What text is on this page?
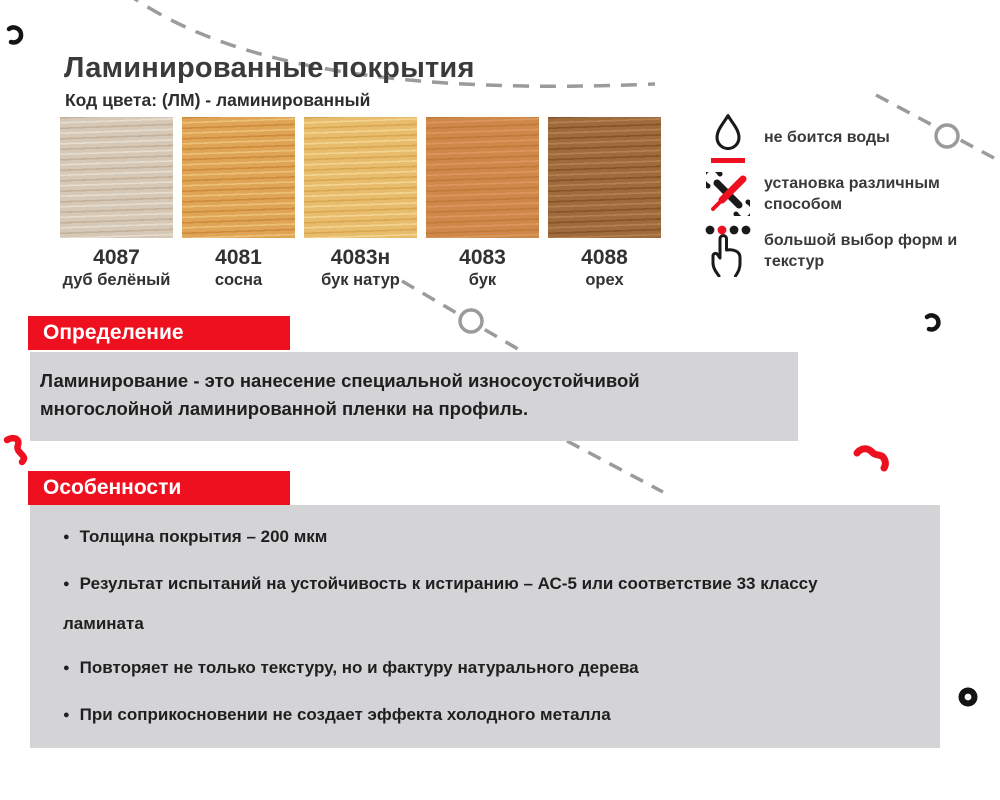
Ламинированные покрытия

Код цвета: (ЛМ) - ламинированный

4087
дуб белёный
4081
сосна
4083н
бук натур
4083
бук
4088
орех
не боится воды
установка различным способом
большой выбор форм и текстур
Определение
Ламинирование - это нанесение специальной износоустойчивой многослойной ламинированной пленки на профиль.
Особенности
● Толщина покрытия – 200 мкм
● Результат испытаний на устойчивость к истиранию – АС-5 или соответствие 33 классу ламината
● Повторяет не только текстуру, но и фактуру натурального дерева
● При соприкосновении не создает эффекта холодного металла
